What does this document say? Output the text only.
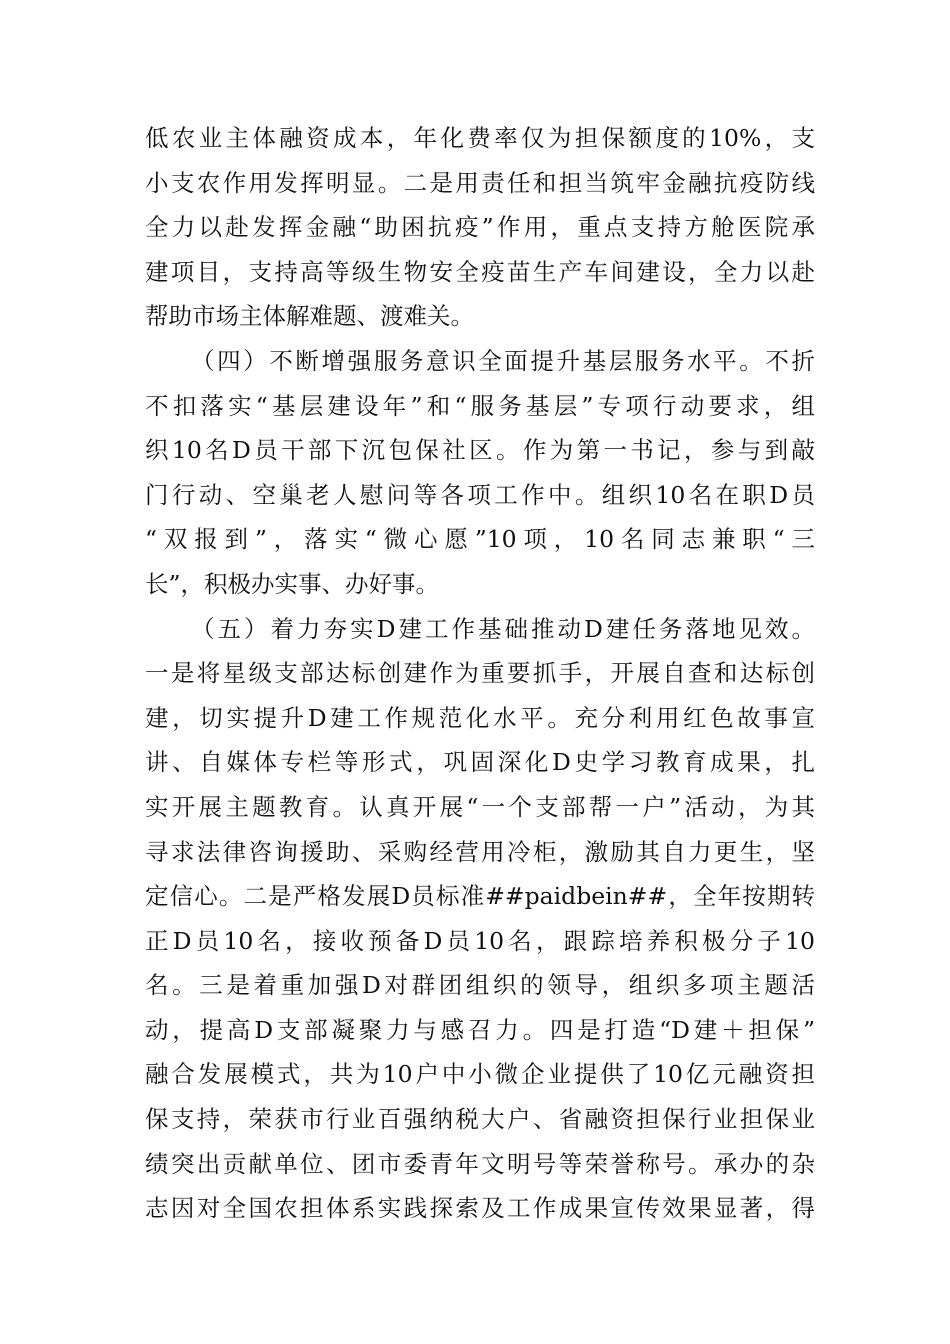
低农业主体融资成本，年化费率仅为担保额度的10%，支
小支农作用发挥明显。二是用责任和担当筑牢金融抗疫防线
全力以赴发挥金融“助困抗疫”作用，重点支持方舱医院承
建项目，支持高等级生物安全疫苗生产车间建设，全力以赴
帮助市场主体解难题、渡难关。
（四）不断增强服务意识全面提升基层服务水平。不折
不扣落实“基层建设年”和“服务基层”专项行动要求，组
织10名D员干部下沉包保社区。作为第一书记，参与到敲
门行动、空巢老人慰问等各项工作中。组织10名在职D员
“双报到”，落实“微心愿”10项，10名同志兼职“三
长”，积极办实事、办好事。
（五）着力夯实D建工作基础推动D建任务落地见效。
一是将星级支部达标创建作为重要抓手，开展自查和达标创
建，切实提升D建工作规范化水平。充分利用红色故事宣
讲、自媒体专栏等形式，巩固深化D史学习教育成果，扎
实开展主题教育。认真开展“一个支部帮一户”活动，为其
寻求法律咨询援助、采购经营用冷柜，激励其自力更生，坚
定信心。二是严格发展D员标准##paidbein##，全年按期转
正D员10名，接收预备D员10名，跟踪培养积极分子10
名。三是着重加强D对群团组织的领导，组织多项主题活
动，提高D支部凝聚力与感召力。四是打造“D建＋担保”
融合发展模式，共为10户中小微企业提供了10亿元融资担
保支持，荣获市行业百强纳税大户、省融资担保行业担保业
绩突出贡献单位、团市委青年文明号等荣誉称号。承办的杂
志因对全国农担体系实践探索及工作成果宣传效果显著，得
